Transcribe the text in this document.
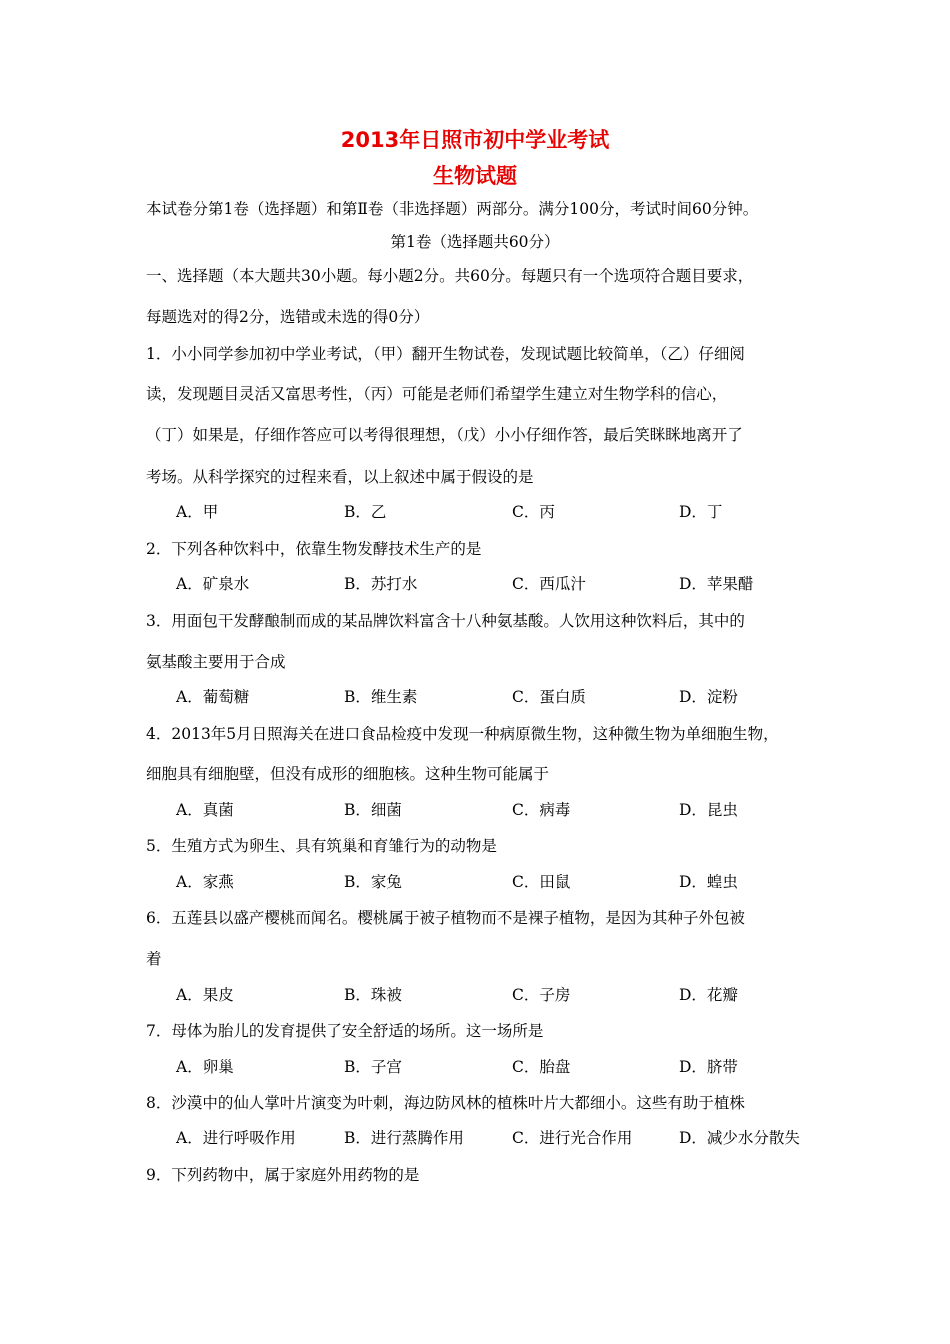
2013年日照市初中学业考试
生物试题
本试卷分第1卷（选择题）和第Ⅱ卷（非选择题）两部分。满分100分，考试时间60分钟。
第1卷（选择题共60分）
一、选择题（本大题共30小题。每小题2分。共60分。每题只有一个选项符合题目要求，
每题选对的得2分，选错或未选的得0分）
1．小小同学参加初中学业考试，（甲）翻开生物试卷，发现试题比较简单，（乙）仔细阅
读，发现题目灵活又富思考性，（丙）可能是老师们希望学生建立对生物学科的信心，
（丁）如果是，仔细作答应可以考得很理想，（戊）小小仔细作答，最后笑眯眯地离开了
考场。从科学探究的过程来看，以上叙述中属于假设的是
A．甲	B．乙	C．丙	D．丁
2．下列各种饮料中，依靠生物发酵技术生产的是
A．矿泉水	B．苏打水	C．西瓜汁	D．苹果醋
3．用面包干发酵酿制而成的某品牌饮料富含十八种氨基酸。人饮用这种饮料后，其中的
氨基酸主要用于合成
A．葡萄糖	B．维生素	C．蛋白质	D．淀粉
4．2013年5月日照海关在进口食品检疫中发现一种病原微生物，这种微生物为单细胞生物，
细胞具有细胞壁，但没有成形的细胞核。这种生物可能属于
A．真菌	B．细菌	C．病毒	D．昆虫
5．生殖方式为卵生、具有筑巢和育雏行为的动物是
A．家燕	B．家兔	C．田鼠	D．蝗虫
6．五莲县以盛产樱桃而闻名。樱桃属于被子植物而不是裸子植物，是因为其种子外包被
着
A．果皮	B．珠被	C．子房	D．花瓣
7．母体为胎儿的发育提供了安全舒适的场所。这一场所是
A．卵巢	B．子宫	C．胎盘	D．脐带
8．沙漠中的仙人掌叶片演变为叶刺，海边防风林的植株叶片大都细小。这些有助于植株
A．进行呼吸作用	B．进行蒸腾作用	C．进行光合作用	D．减少水分散失
9．下列药物中，属于家庭外用药物的是
